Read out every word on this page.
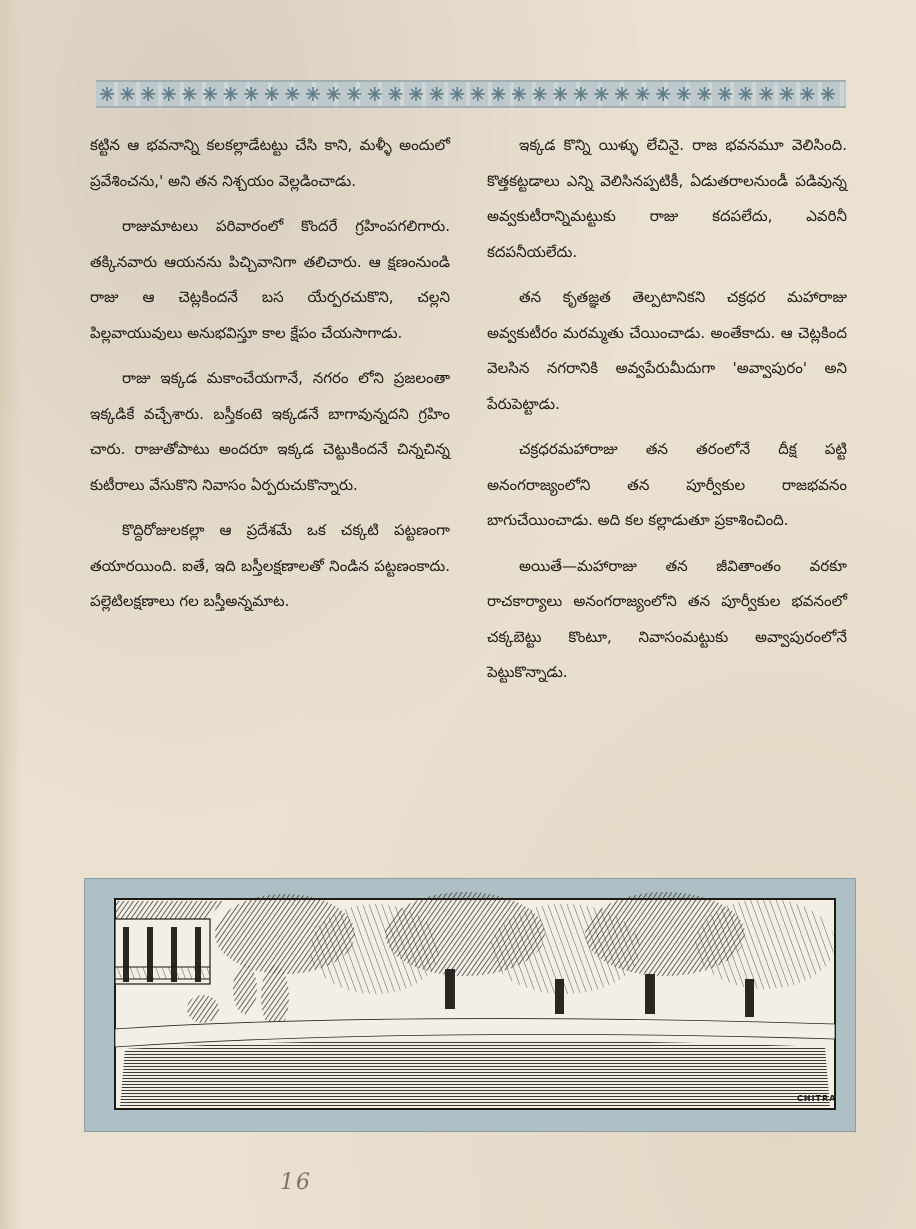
కట్టిన ఆ భవనాన్ని కలకల్లాడేటట్టు చేసి కాని, మళ్ళీ అందులో ప్రవేశించను,' అని తన నిశ్చయం వెల్లడించాడు.

రాజుమాటలు పరివారంలో కొందరే గ్రహింపగలిగారు. తక్కినవారు ఆయనను పిచ్చివానిగా తలిచారు. ఆ క్షణంనుండి రాజు ఆ చెట్లకిందనే బస యేర్పరచుకొని, చల్లని పిల్లవాయువులు అనుభవిస్తూ కాల క్షేపం చేయసాగాడు.

రాజు ఇక్కడ మకాంచేయగానే, నగరం లోని ప్రజలంతా ఇక్కడికే వచ్చేశారు. బస్తీకంటె ఇక్కడనే బాగావున్నదని గ్రహిం చారు. రాజుతోపాటు అందరూ ఇక్కడ చెట్టుకిందనే చిన్నచిన్న కుటీరాలు వేసుకొని నివాసం ఏర్పరుచుకొన్నారు.

కొద్దిరోజులకల్లా ఆ ప్రదేశమే ఒక చక్కటి పట్టణంగా తయారయింది. ఐతే, ఇది బస్తీలక్షణాలతో నిండిన పట్టణంకాదు. పల్లెటిలక్షణాలు గల బస్తీఅన్నమాట.

ఇక్కడ కొన్ని యిళ్ళు లేచినై. రాజ భవనమూ వెలిసింది. కొత్తకట్టడాలు ఎన్ని వెలిసినప్పటికీ, ఏడుతరాలనుండీ పడివున్న అవ్వకుటీరాన్నిమట్టుకు రాజు కదపలేదు, ఎవరినీ కదపనీయలేదు.

తన కృతజ్ఞత తెల్పటానికని చక్రధర మహారాజు అవ్వకుటీరం మరమ్మతు చేయించాడు. అంతేకాదు. ఆ చెట్లకింద వెలసిన నగరానికి అవ్వపేరుమీదుగా 'అవ్వాపురం' అని పేరుపెట్టాడు.

చక్రధరమహారాజు తన తరంలోనే దీక్ష పట్టి అనంగరాజ్యంలోని తన పూర్వీకుల రాజభవనం బాగుచేయించాడు. అది కల కల్లాడుతూ ప్రకాశించింది.

అయితే—మహారాజు తన జీవితాంతం వరకూ రాచకార్యాలు అనంగరాజ్యంలోని తన పూర్వీకుల భవనంలో చక్కబెట్టు కొంటూ, నివాసంమట్టుకు అవ్వాపురంలోనే పెట్టుకొన్నాడు.

CHITRA
16
